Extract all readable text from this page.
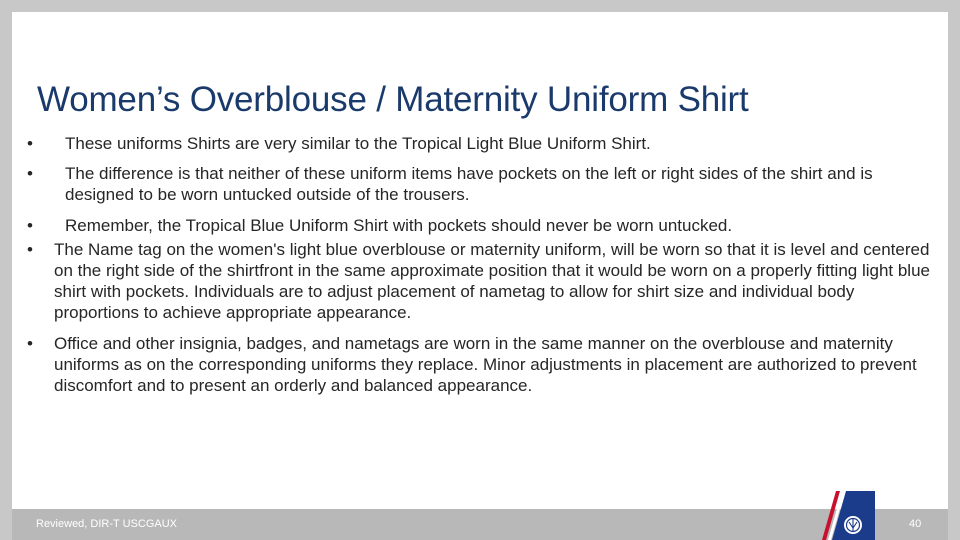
Women’s Overblouse / Maternity Uniform Shirt
• These uniforms Shirts are very similar to the Tropical Light Blue Uniform Shirt.
• The difference is that neither of these uniform items have pockets on the left or right sides of the shirt and is designed to be worn untucked outside of the trousers.
• Remember, the Tropical Blue Uniform Shirt with pockets should never be worn untucked.
• The Name tag on the women's light blue overblouse or maternity uniform, will be worn so that it is level and centered on the right side of the shirtfront in the same approximate position that it would be worn on a properly fitting light blue shirt with pockets. Individuals are to adjust placement of nametag to allow for shirt size and individual body proportions to achieve appropriate appearance.
• Office and other insignia, badges, and nametags are worn in the same manner on the overblouse and maternity uniforms as on the corresponding uniforms they replace. Minor adjustments in placement are authorized to prevent discomfort and to present an orderly and balanced appearance.
Reviewed, DIR-T USCGAUX	40
